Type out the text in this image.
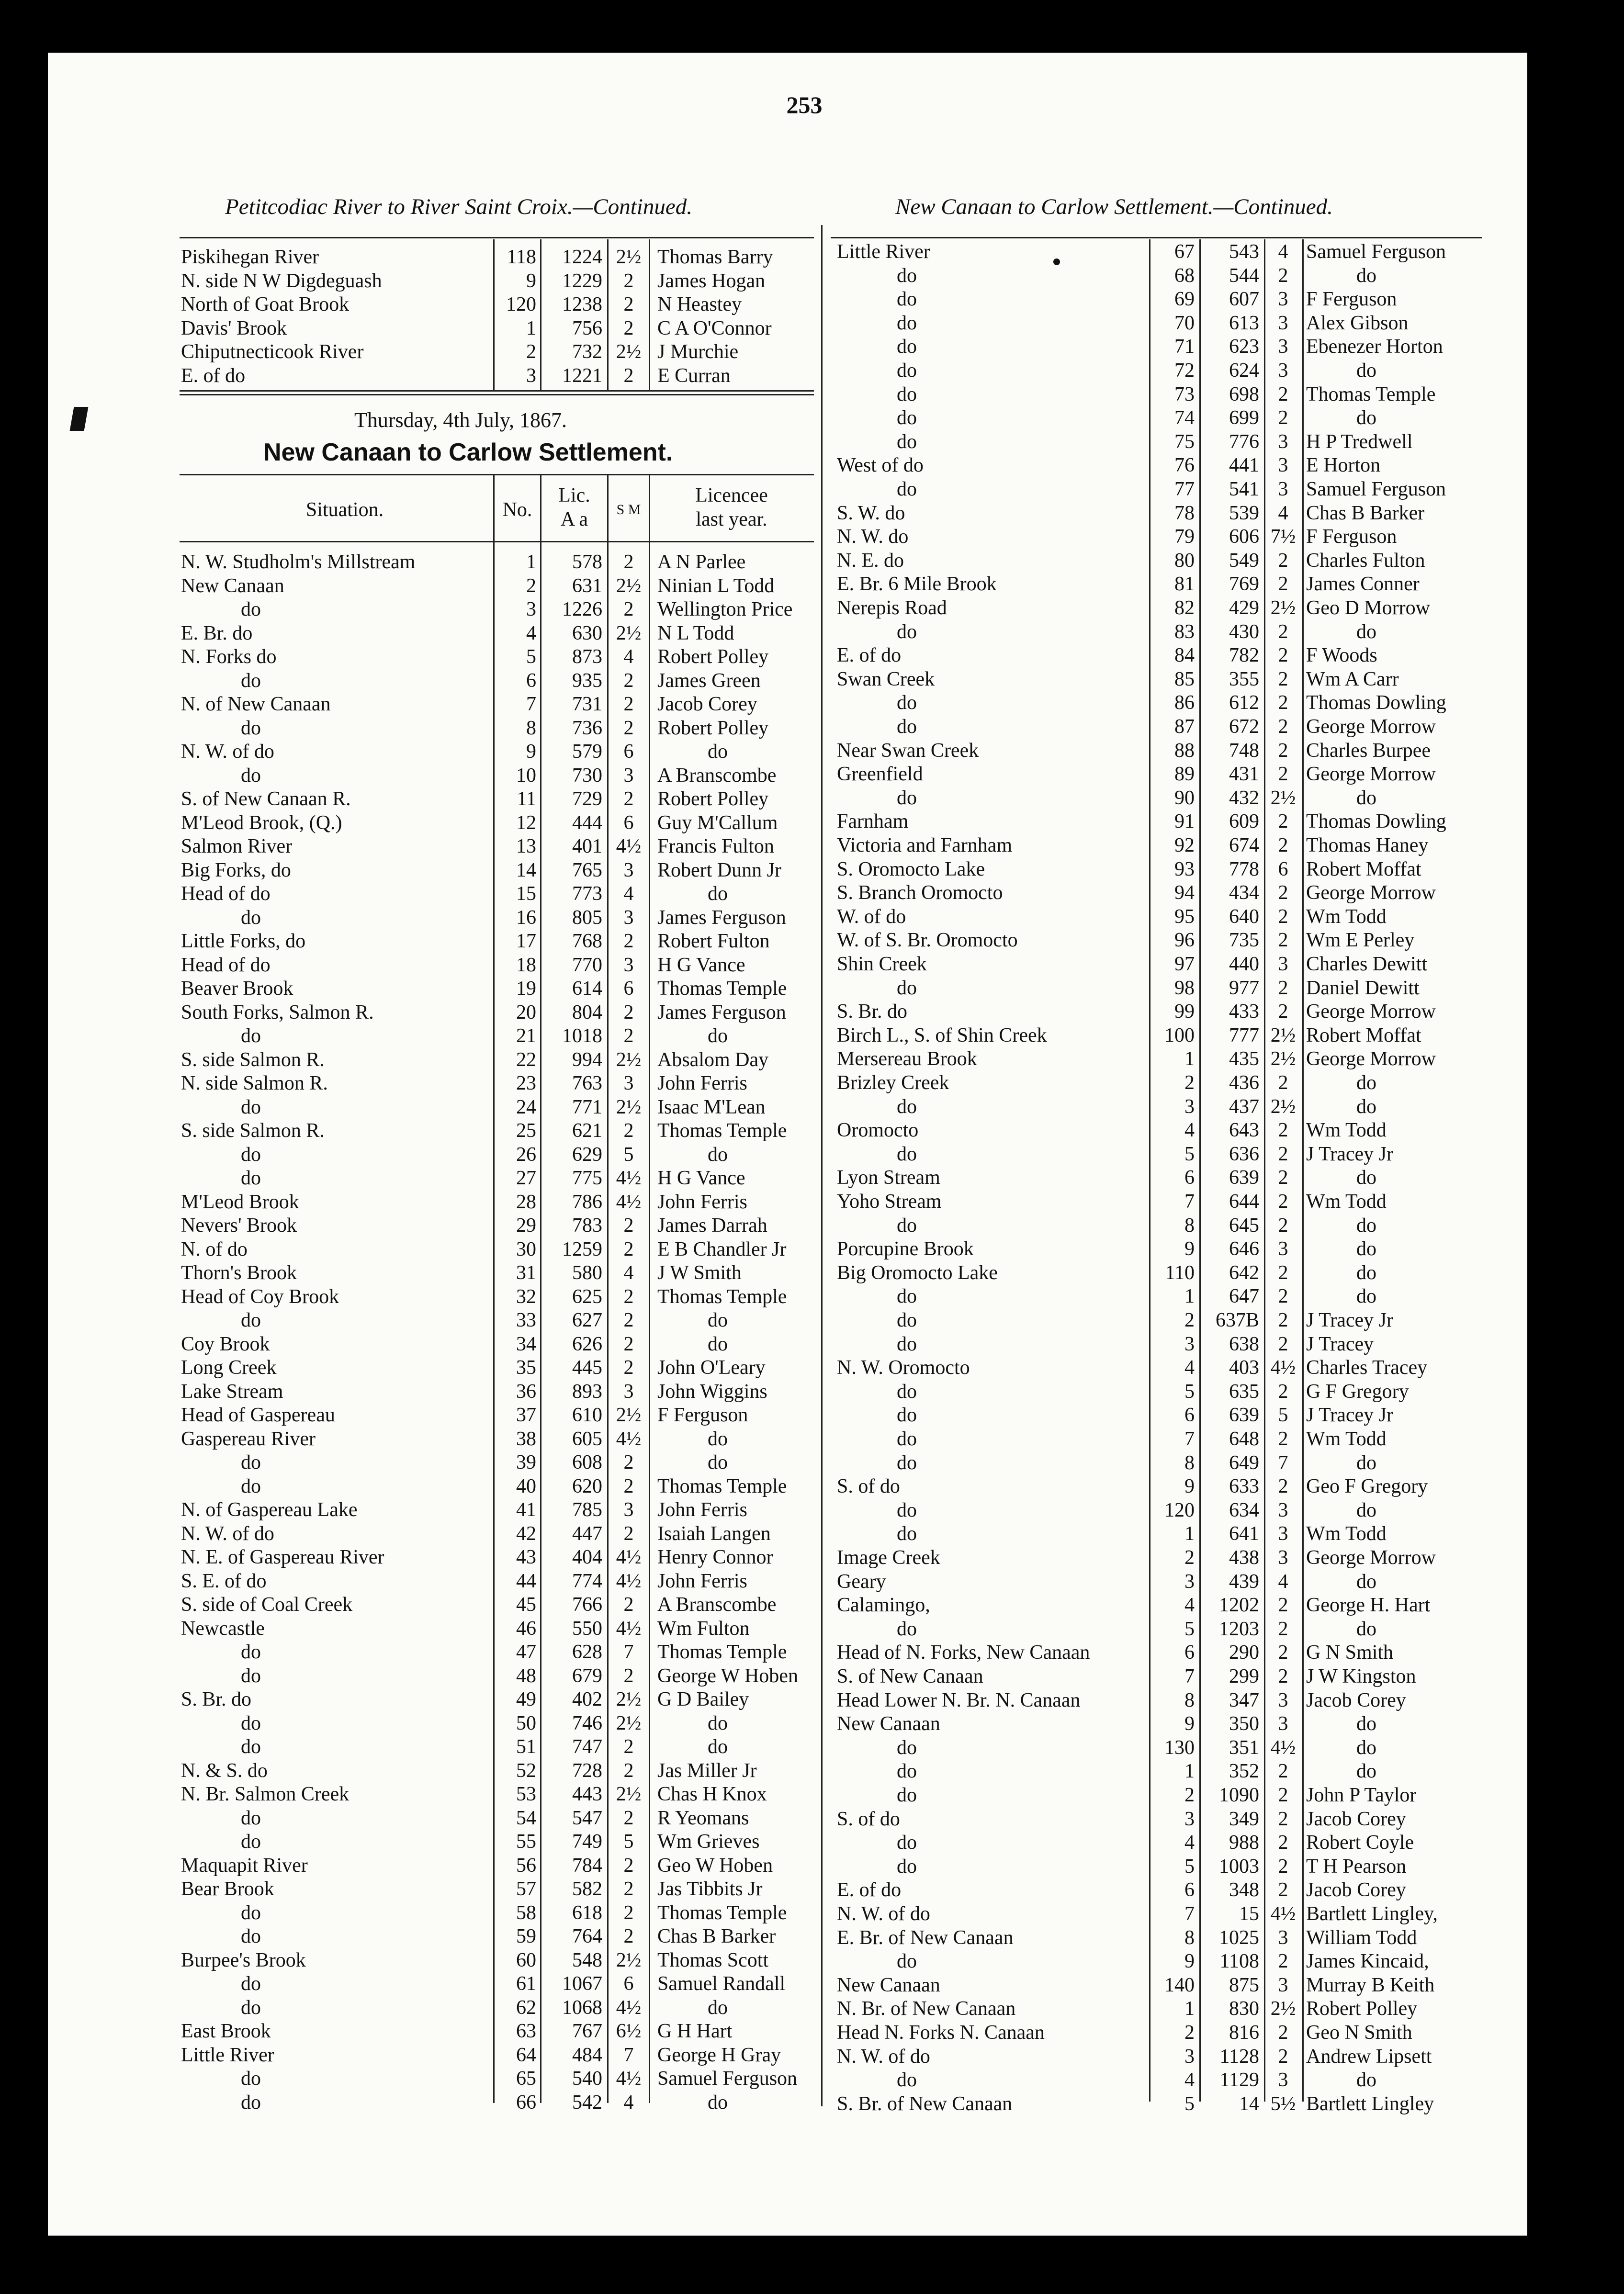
253
Petitcodiac River to River Saint Croix.—Continued.	New Canaan to Carlow Settlement.—Continued.
Thursday, 4th July, 1867.
New Canaan to Carlow Settlement.
Situation.	No.
Lic.
A a	S M
Licencee
last year.
Piskihegan River	118	1224 2½ Thomas Barry
N. side N W Digdeguash	9	1229	2	James Hogan
North of Goat Brook	120	1238	2	N Heastey
Davis' Brook	1	756	2	C A O'Connor
Chiputnecticook River	2	732 2½ J Murchie
E. of do	3	1221	2	E Curran
N. W. Studholm's Millstream	1	578	2	A N Parlee
New Canaan	2	631 2½ Ninian L Todd
do	3	1226	2	Wellington Price
E. Br. do	4	630 2½ N L Todd
N. Forks do	5	873	4	Robert Polley
do	6	935	2	James Green
N. of New Canaan	7	731	2	Jacob Corey
do	8	736	2	Robert Polley
N. W. of do	9	579	6	do
do	10	730	3	A Branscombe
S. of New Canaan R.	11	729	2	Robert Polley
M'Leod Brook, (Q.)	12	444	6	Guy M'Callum
Salmon River	13	401 4½ Francis Fulton
Big Forks, do	14	765	3	Robert Dunn Jr
Head of do	15	773	4	do
do	16	805	3	James Ferguson
Little Forks, do	17	768	2	Robert Fulton
Head of do	18	770	3	H G Vance
Beaver Brook	19	614	6	Thomas Temple
South Forks, Salmon R.	20	804	2	James Ferguson
do	21	1018	2	do
S. side Salmon R.	22	994 2½ Absalom Day
N. side Salmon R.	23	763	3	John Ferris
do	24	771 2½ Isaac M'Lean
S. side Salmon R.	25	621	2	Thomas Temple
do	26	629	5	do
do	27	775 4½ H G Vance
M'Leod Brook	28	786 4½ John Ferris
Nevers' Brook	29	783	2	James Darrah
N. of do	30	1259	2	E B Chandler Jr
Thorn's Brook	31	580	4	J W Smith
Head of Coy Brook	32	625	2	Thomas Temple
do	33	627	2	do
Coy Brook	34	626	2	do
Long Creek	35	445	2	John O'Leary
Lake Stream	36	893	3	John Wiggins
Head of Gaspereau	37	610 2½ F Ferguson
Gaspereau River	38	605 4½	do
do	39	608	2	do
do	40	620	2	Thomas Temple
N. of Gaspereau Lake	41	785	3	John Ferris
N. W. of do	42	447	2	Isaiah Langen
N. E. of Gaspereau River	43	404 4½ Henry Connor
S. E. of do	44	774 4½ John Ferris
S. side of Coal Creek	45	766	2	A Branscombe
Newcastle	46	550 4½ Wm Fulton
do	47	628	7	Thomas Temple
do	48	679	2	George W Hoben
S. Br. do	49	402 2½ G D Bailey
do	50	746 2½	do
do	51	747	2	do
N. & S. do	52	728	2	Jas Miller Jr
N. Br. Salmon Creek	53	443 2½ Chas H Knox
do	54	547	2	R Yeomans
do	55	749	5	Wm Grieves
Maquapit River	56	784	2	Geo W Hoben
Bear Brook	57	582	2	Jas Tibbits Jr
do	58	618	2	Thomas Temple
do	59	764	2	Chas B Barker
Burpee's Brook	60	548 2½ Thomas Scott
do	61	1067	6	Samuel Randall
do	62	1068 4½	do
East Brook	63	767 6½ G H Hart
Little River	64	484	7	George H Gray
do	65	540 4½ Samuel Ferguson
do	66	542	4	do
Little River	67	543 4 Samuel Ferguson
do	68	544 2	do
do	69	607 3 F Ferguson
do	70	613 3 Alex Gibson
do	71	623 3 Ebenezer Horton
do	72	624 3	do
do	73	698 2 Thomas Temple
do	74	699 2	do
do	75	776 3 H P Tredwell
West of do	76	441 3 E Horton
do	77	541 3 Samuel Ferguson
S. W. do	78	539 4 Chas B Barker
N. W. do	79	606 7½ F Ferguson
N. E. do	80	549 2 Charles Fulton
E. Br. 6 Mile Brook	81	769 2 James Conner
Nerepis Road	82	429 2½ Geo D Morrow
do	83	430 2	do
E. of do	84	782 2 F Woods
Swan Creek	85	355 2 Wm A Carr
do	86	612 2 Thomas Dowling
do	87	672 2 George Morrow
Near Swan Creek	88	748 2 Charles Burpee
Greenfield	89	431 2 George Morrow
do	90	432 2½	do
Farnham	91	609 2 Thomas Dowling
Victoria and Farnham	92	674 2 Thomas Haney
S. Oromocto Lake	93	778 6 Robert Moffat
S. Branch Oromocto	94	434 2 George Morrow
W. of do	95	640 2 Wm Todd
W. of S. Br. Oromocto	96	735 2 Wm E Perley
Shin Creek	97	440 3 Charles Dewitt
do	98	977 2 Daniel Dewitt
S. Br. do	99	433 2 George Morrow
Birch L., S. of Shin Creek	100	777 2½ Robert Moffat
Mersereau Brook	1	435 2½ George Morrow
Brizley Creek	2	436 2	do
do	3	437 2½	do
Oromocto	4	643 2 Wm Todd
do	5	636 2 J Tracey Jr
Lyon Stream	6	639 2	do
Yoho Stream	7	644 2 Wm Todd
do	8	645 2	do
Porcupine Brook	9	646 3	do
Big Oromocto Lake	110	642 2	do
do	1	647 2	do
do	2	637B 2 J Tracey Jr
do	3	638 2 J Tracey
N. W. Oromocto	4	403 4½ Charles Tracey
do	5	635 2 G F Gregory
do	6	639 5 J Tracey Jr
do	7	648 2 Wm Todd
do	8	649 7	do
S. of do	9	633 2 Geo F Gregory
do	120	634 3	do
do	1	641 3 Wm Todd
Image Creek	2	438 3 George Morrow
Geary	3	439 4	do
Calamingo,	4	1202 2 George H. Hart
do	5	1203 2	do
Head of N. Forks, New Canaan	6	290 2 G N Smith
S. of New Canaan	7	299 2 J W Kingston
Head Lower N. Br. N. Canaan	8	347 3 Jacob Corey
New Canaan	9	350 3	do
do	130	351 4½	do
do	1	352 2	do
do	2	1090 2 John P Taylor
S. of do	3	349 2 Jacob Corey
do	4	988 2 Robert Coyle
do	5	1003 2 T H Pearson
E. of do	6	348 2 Jacob Corey
N. W. of do	7	15 4½ Bartlett Lingley,
E. Br. of New Canaan	8	1025 3 William Todd
do	9	1108 2 James Kincaid,
New Canaan	140	875 3 Murray B Keith
N. Br. of New Canaan	1	830 2½ Robert Polley
Head N. Forks N. Canaan	2	816 2 Geo N Smith
N. W. of do	3	1128 2 Andrew Lipsett
do	4	1129 3	do
S. Br. of New Canaan	5	14 5½ Bartlett Lingley
